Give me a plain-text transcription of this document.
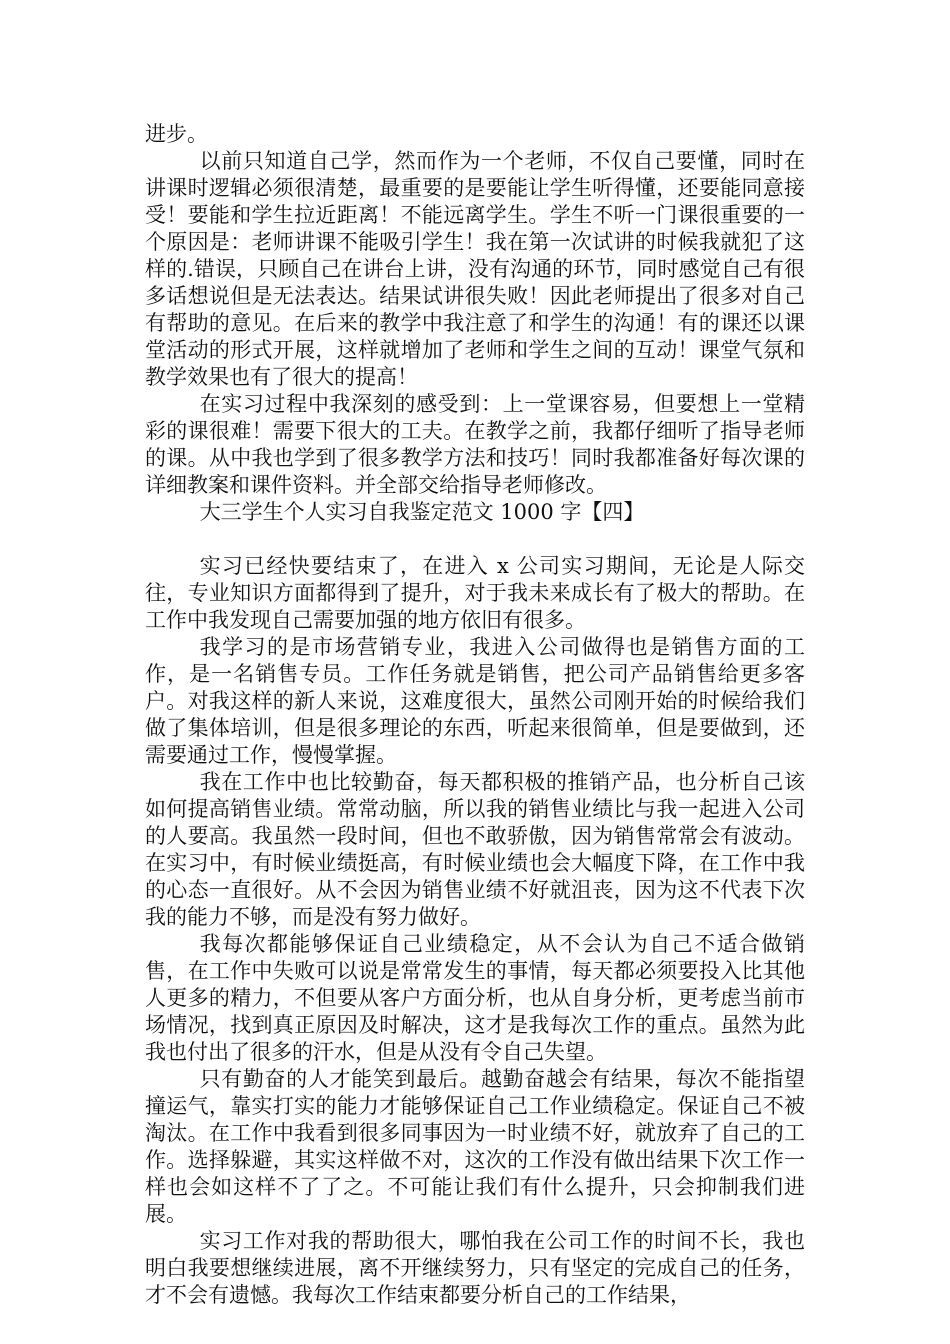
进步。

以前只知道自己学，然而作为一个老师，不仅自己要懂，同时在讲课时逻辑必须很清楚，最重要的是要能让学生听得懂，还要能同意接受！要能和学生拉近距离！不能远离学生。学生不听一门课很重要的一个原因是：老师讲课不能吸引学生！我在第一次试讲的时候我就犯了这样的.错误，只顾自己在讲台上讲，没有沟通的环节，同时感觉自己有很多话想说但是无法表达。结果试讲很失败！因此老师提出了很多对自己有帮助的意见。在后来的教学中我注意了和学生的沟通！有的课还以课堂活动的形式开展，这样就增加了老师和学生之间的互动！课堂气氛和教学效果也有了很大的提高！

在实习过程中我深刻的感受到：上一堂课容易，但要想上一堂精彩的课很难！需要下很大的工夫。在教学之前，我都仔细听了指导老师的课。从中我也学到了很多教学方法和技巧！同时我都准备好每次课的详细教案和课件资料。并全部交给指导老师修改。

大三学生个人实习自我鉴定范文 1000 字【四】

实习已经快要结束了，在进入 x 公司实习期间，无论是人际交往，专业知识方面都得到了提升，对于我未来成长有了极大的帮助。在工作中我发现自己需要加强的地方依旧有很多。

我学习的是市场营销专业，我进入公司做得也是销售方面的工作，是一名销售专员。工作任务就是销售，把公司产品销售给更多客户。对我这样的新人来说，这难度很大，虽然公司刚开始的时候给我们做了集体培训，但是很多理论的东西，听起来很简单，但是要做到，还需要通过工作，慢慢掌握。

我在工作中也比较勤奋，每天都积极的推销产品，也分析自己该如何提高销售业绩。常常动脑，所以我的销售业绩比与我一起进入公司的人要高。我虽然一段时间，但也不敢骄傲，因为销售常常会有波动。在实习中，有时候业绩挺高，有时候业绩也会大幅度下降，在工作中我的心态一直很好。从不会因为销售业绩不好就沮丧，因为这不代表下次我的能力不够，而是没有努力做好。

我每次都能够保证自己业绩稳定，从不会认为自己不适合做销售，在工作中失败可以说是常常发生的事情，每天都必须要投入比其他人更多的精力，不但要从客户方面分析，也从自身分析，更考虑当前市场情况，找到真正原因及时解决，这才是我每次工作的重点。虽然为此我也付出了很多的汗水，但是从没有令自己失望。

只有勤奋的人才能笑到最后。越勤奋越会有结果，每次不能指望撞运气，靠实打实的能力才能够保证自己工作业绩稳定。保证自己不被淘汰。在工作中我看到很多同事因为一时业绩不好，就放弃了自己的工作。选择躲避，其实这样做不对，这次的工作没有做出结果下次工作一样也会如这样不了了之。不可能让我们有什么提升，只会抑制我们进展。

实习工作对我的帮助很大，哪怕我在公司工作的时间不长，我也明白我要想继续进展，离不开继续努力，只有坚定的完成自己的任务，才不会有遗憾。我每次工作结束都要分析自己的工作结果，
